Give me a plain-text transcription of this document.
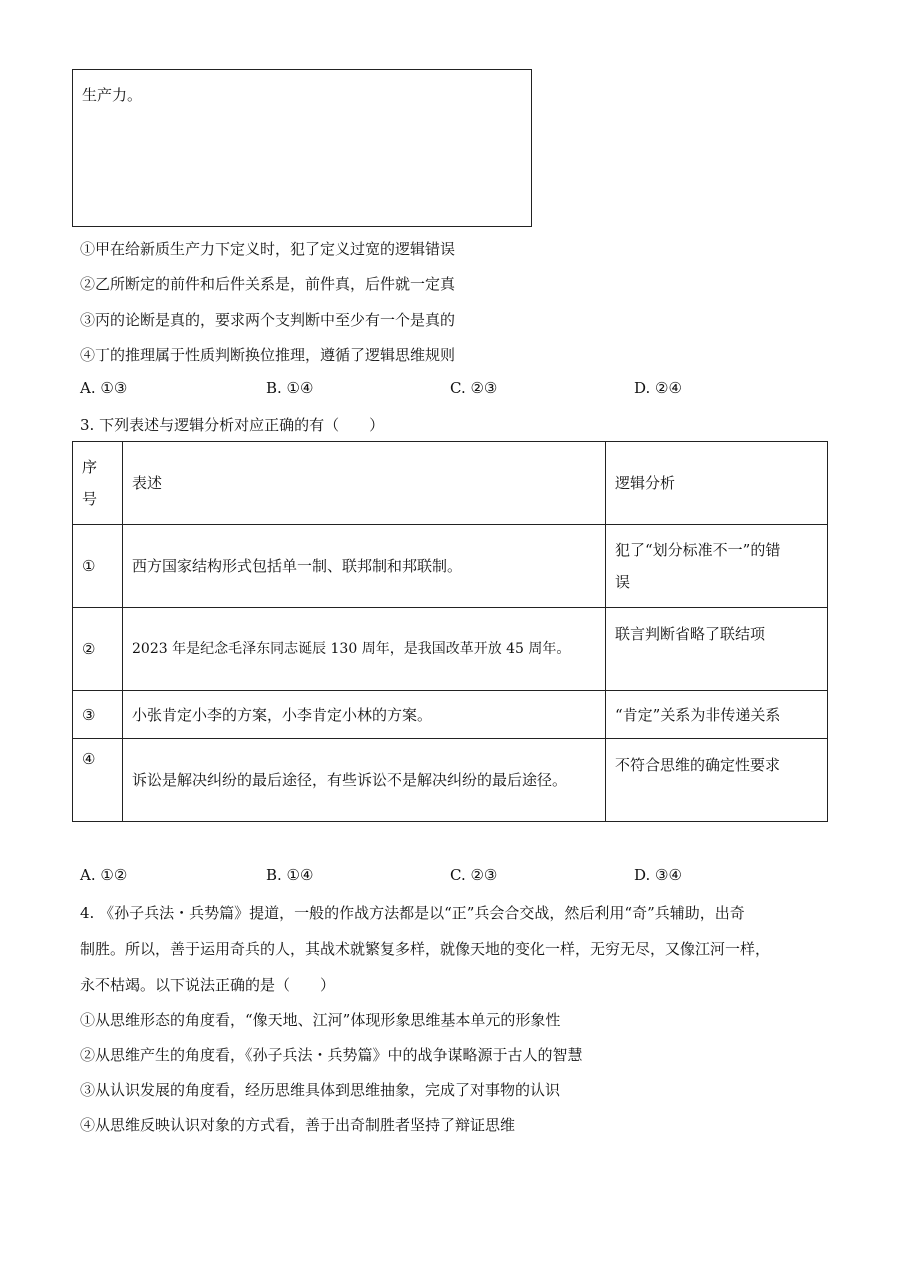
生产力。
①甲在给新质生产力下定义时，犯了定义过宽的逻辑错误
②乙所断定的前件和后件关系是，前件真，后件就一定真
③丙的论断是真的，要求两个支判断中至少有一个是真的
④丁的推理属于性质判断换位推理，遵循了逻辑思维规则
A. ①③	B. ①④	C. ②③	D. ②④
3. 下列表述与逻辑分析对应正确的有（　　）
序
号	表述	逻辑分析
①	西方国家结构形式包括单一制、联邦制和邦联制。	犯了“划分标准不一”的错
误

②	2023 年是纪念毛泽东同志诞辰 130 周年，是我国改革开放 45 周年。	联言判断省略了联结项
③	小张肯定小李的方案，小李肯定小林的方案。	“肯定”关系为非传递关系
④	诉讼是解决纠纷的最后途径，有些诉讼不是解决纠纷的最后途径。	不符合思维的确定性要求
A. ①②	B. ①④	C. ②③	D. ③④
4. 《孙子兵法・兵势篇》提道，一般的作战方法都是以“正”兵会合交战，然后利用“奇”兵辅助，出奇
制胜。所以，善于运用奇兵的人，其战术就繁复多样，就像天地的变化一样，无穷无尽，又像江河一样，
永不枯竭。以下说法正确的是（　　）
①从思维形态的角度看，“像天地、江河”体现形象思维基本单元的形象性
②从思维产生的角度看，《孙子兵法・兵势篇》中的战争谋略源于古人的智慧
③从认识发展的角度看，经历思维具体到思维抽象，完成了对事物的认识
④从思维反映认识对象的方式看，善于出奇制胜者坚持了辩证思维
